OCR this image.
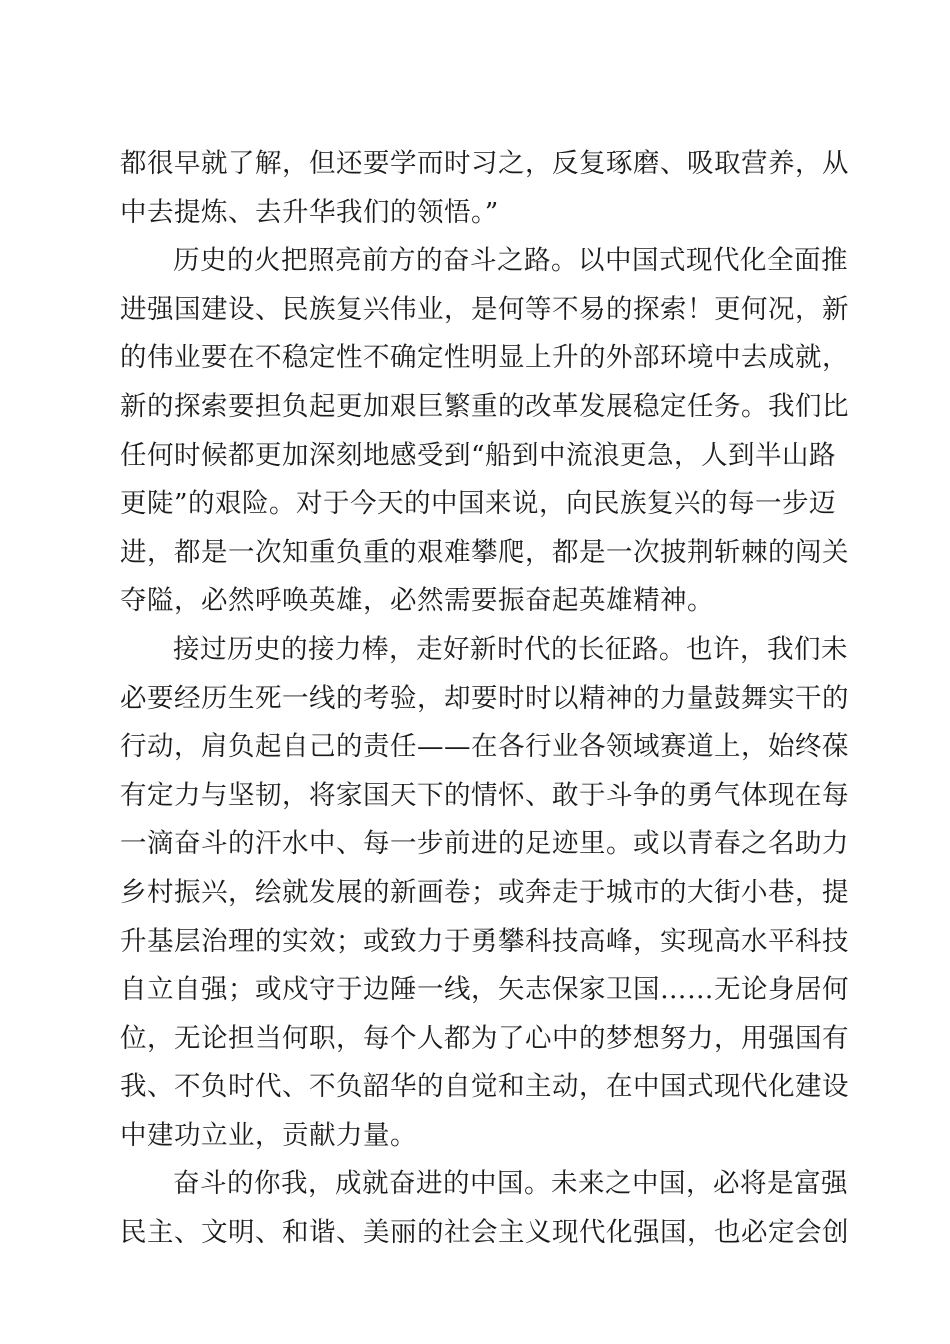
都很早就了解，但还要学而时习之，反复琢磨、吸取营养，从
中去提炼、去升华我们的领悟。”
历史的火把照亮前方的奋斗之路。以中国式现代化全面推
进强国建设、民族复兴伟业，是何等不易的探索！更何况，新
的伟业要在不稳定性不确定性明显上升的外部环境中去成就，
新的探索要担负起更加艰巨繁重的改革发展稳定任务。我们比
任何时候都更加深刻地感受到“船到中流浪更急，人到半山路
更陡”的艰险。对于今天的中国来说，向民族复兴的每一步迈
进，都是一次知重负重的艰难攀爬，都是一次披荆斩棘的闯关
夺隘，必然呼唤英雄，必然需要振奋起英雄精神。
接过历史的接力棒，走好新时代的长征路。也许，我们未
必要经历生死一线的考验，却要时时以精神的力量鼓舞实干的
行动，肩负起自己的责任——在各行业各领域赛道上，始终葆
有定力与坚韧，将家国天下的情怀、敢于斗争的勇气体现在每
一滴奋斗的汗水中、每一步前进的足迹里。或以青春之名助力
乡村振兴，绘就发展的新画卷；或奔走于城市的大街小巷，提
升基层治理的实效；或致力于勇攀科技高峰，实现高水平科技
自立自强；或戍守于边陲一线，矢志保家卫国……无论身居何
位，无论担当何职，每个人都为了心中的梦想努力，用强国有
我、不负时代、不负韶华的自觉和主动，在中国式现代化建设
中建功立业，贡献力量。
奋斗的你我，成就奋进的中国。未来之中国，必将是富强
民主、文明、和谐、美丽的社会主义现代化强国，也必定会创
